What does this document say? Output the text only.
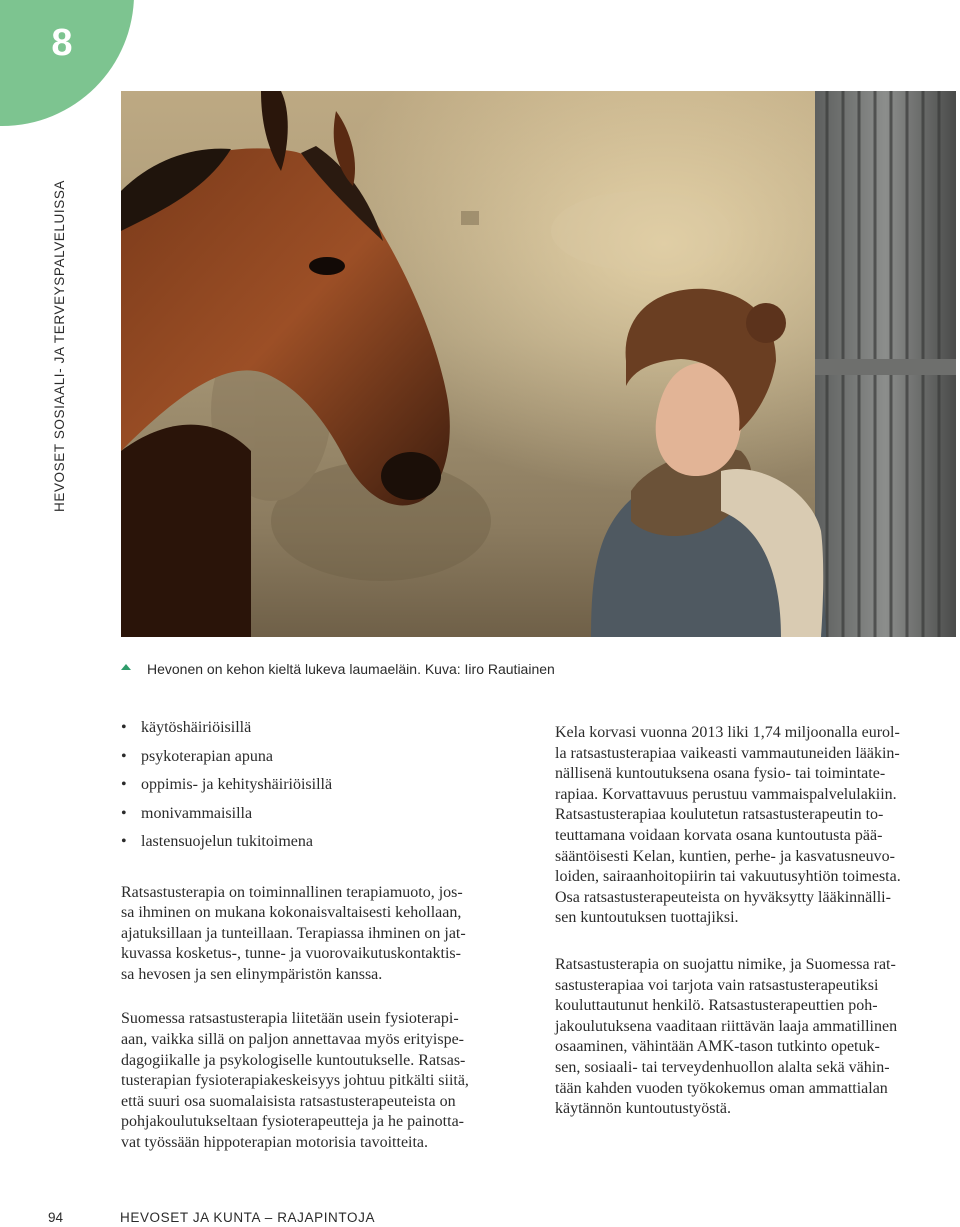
8
HEVOSET SOSIAALI- JA TERVEYSPALVELUISSA
Hevonen on kehon kieltä lukeva laumaeläin. Kuva: Iiro Rautiainen
• käytöshäiriöisillä
• psykoterapian apuna
• oppimis- ja kehityshäiriöisillä
• monivammaisilla
• lastensuojelun tukitoimena

Ratsastusterapia on toiminnallinen terapiamuoto, jos-
sa ihminen on mukana kokonaisvaltaisesti kehollaan,
ajatuksillaan ja tunteillaan. Terapiassa ihminen on jat-
kuvassa kosketus-, tunne- ja vuorovaikutuskontaktis-
sa hevosen ja sen elinympäristön kanssa.

Suomessa ratsastusterapia liitetään usein fysioterapi-
aan, vaikka sillä on paljon annettavaa myös erityispe-
dagogiikalle ja psykologiselle kuntoutukselle. Ratsas-
tusterapian fysioterapiakeskeisyys johtuu pitkälti siitä,
että suuri osa suomalaisista ratsastusterapeuteista on
pohjakoulutukseltaan fysioterapeutteja ja he painotta-
vat työssään hippoterapian motorisia tavoitteita.

Kela korvasi vuonna 2013 liki 1,74 miljoonalla eurol-
la ratsastusterapiaa vaikeasti vammautuneiden lääkin-
nällisenä kuntoutuksena osana fysio- tai toimintate-
rapiaa. Korvattavuus perustuu vammaispalvelulakiin.
Ratsastusterapiaa koulutetun ratsastusterapeutin to-
teuttamana voidaan korvata osana kuntoutusta pää-
sääntöisesti Kelan, kuntien, perhe- ja kasvatusneuvo-
loiden, sairaanhoitopiirin tai vakuutusyhtiön toimesta.
Osa ratsastusterapeuteista on hyväksytty lääkinnälli-
sen kuntoutuksen tuottajiksi.

Ratsastusterapia on suojattu nimike, ja Suomessa rat-
sastusterapiaa voi tarjota vain ratsastusterapeutiksi
kouluttautunut henkilö. Ratsastusterapeuttien poh-
jakoulutuksena vaaditaan riittävän laaja ammatillinen
osaaminen, vähintään AMK-tason tutkinto opetuk-
sen, sosiaali- tai terveydenhuollon alalta sekä vähin-
tään kahden vuoden työkokemus oman ammattialan
käytännön kuntoutustyöstä.

94	HEVOSET JA KUNTA – RAJAPINTOJA
